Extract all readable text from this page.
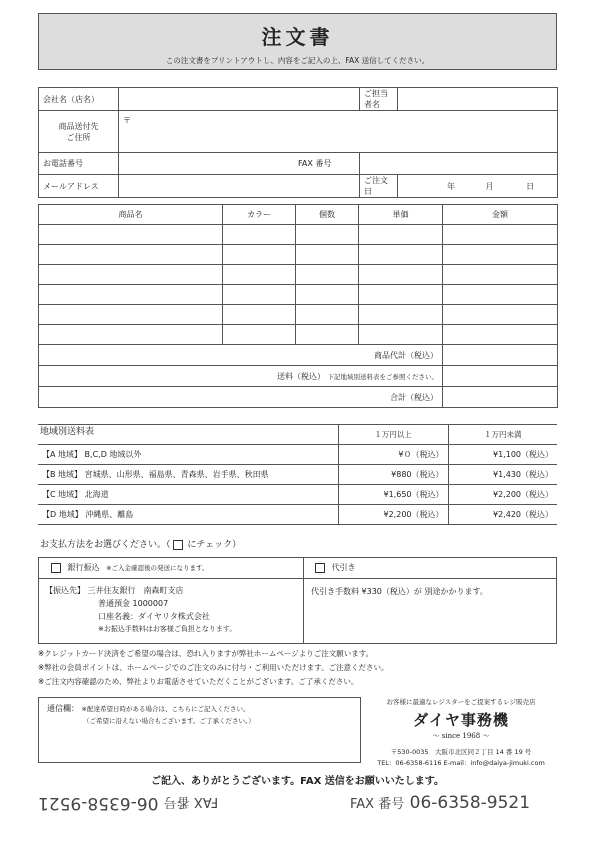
注文書
この注文書をプリントアウトし、内容をご記入の上、FAX 送信してください。
会社名（店名）		ご担当者名	

商品送付先
ご住所	〒		
お電話番号	FAX 番号		
メールアドレス		ご注文日	年 月 日
商品名	カラー	個数	単価	金額

商品代計（税込）				
送料（税込） 下記地域別送料表をご参照ください。				
合計（税込）				
地域別送料表
		１万円以上	１万円未満
【A 地域】 B,C,D 地域以外	¥０（税込）	¥1,100（税込）
【B 地域】 宮城県、山形県、福島県、青森県、岩手県、秋田県	¥880（税込）	¥1,430（税込）
【C 地域】 北海道	¥1,650（税込）	¥2,200（税込）
【D 地域】 沖縄県、離島	¥2,200（税込）	¥2,420（税込）
お支払方法をお選びください。（ にチェック）
銀行振込 ※ご入金確認後の発送になります。	代引き
【振込先】 三井住友銀行　南森町支店
普通預金 1000007
口座名義：ダイヤリタ株式会社
※お振込手数料はお客様ご負担となります。
代引き手数料 ¥330（税込）が 別途かかります。
※クレジットカード決済をご希望の場合は、恐れ入りますが弊社ホームページよりご注文願います。
※弊社の会員ポイントは、ホームページでのご注文のみに付与・ご利用いただけます。ご注意ください。
※ご注文内容確認のため、弊社よりお電話させていただくことがございます。ご了承ください。
通信欄： ※配達希望日時がある場合は、こちらにご記入ください。
（ご希望に沿えない場合もございます。ご了承ください。）
お客様に最適なレジスターをご提案するレジ販売店
ダイヤ事務機
〜 since 1968 〜
〒530-0035　大阪市北区同２丁目 14 番 19 号
TEL：06-6358-6116 E-mail：info@daiya-jimuki.com
ご記入、ありがとうございます。FAX 送信をお願いいたします。
FAX 番号 06-6358-9521	FAX 番号 06-6358-9521
